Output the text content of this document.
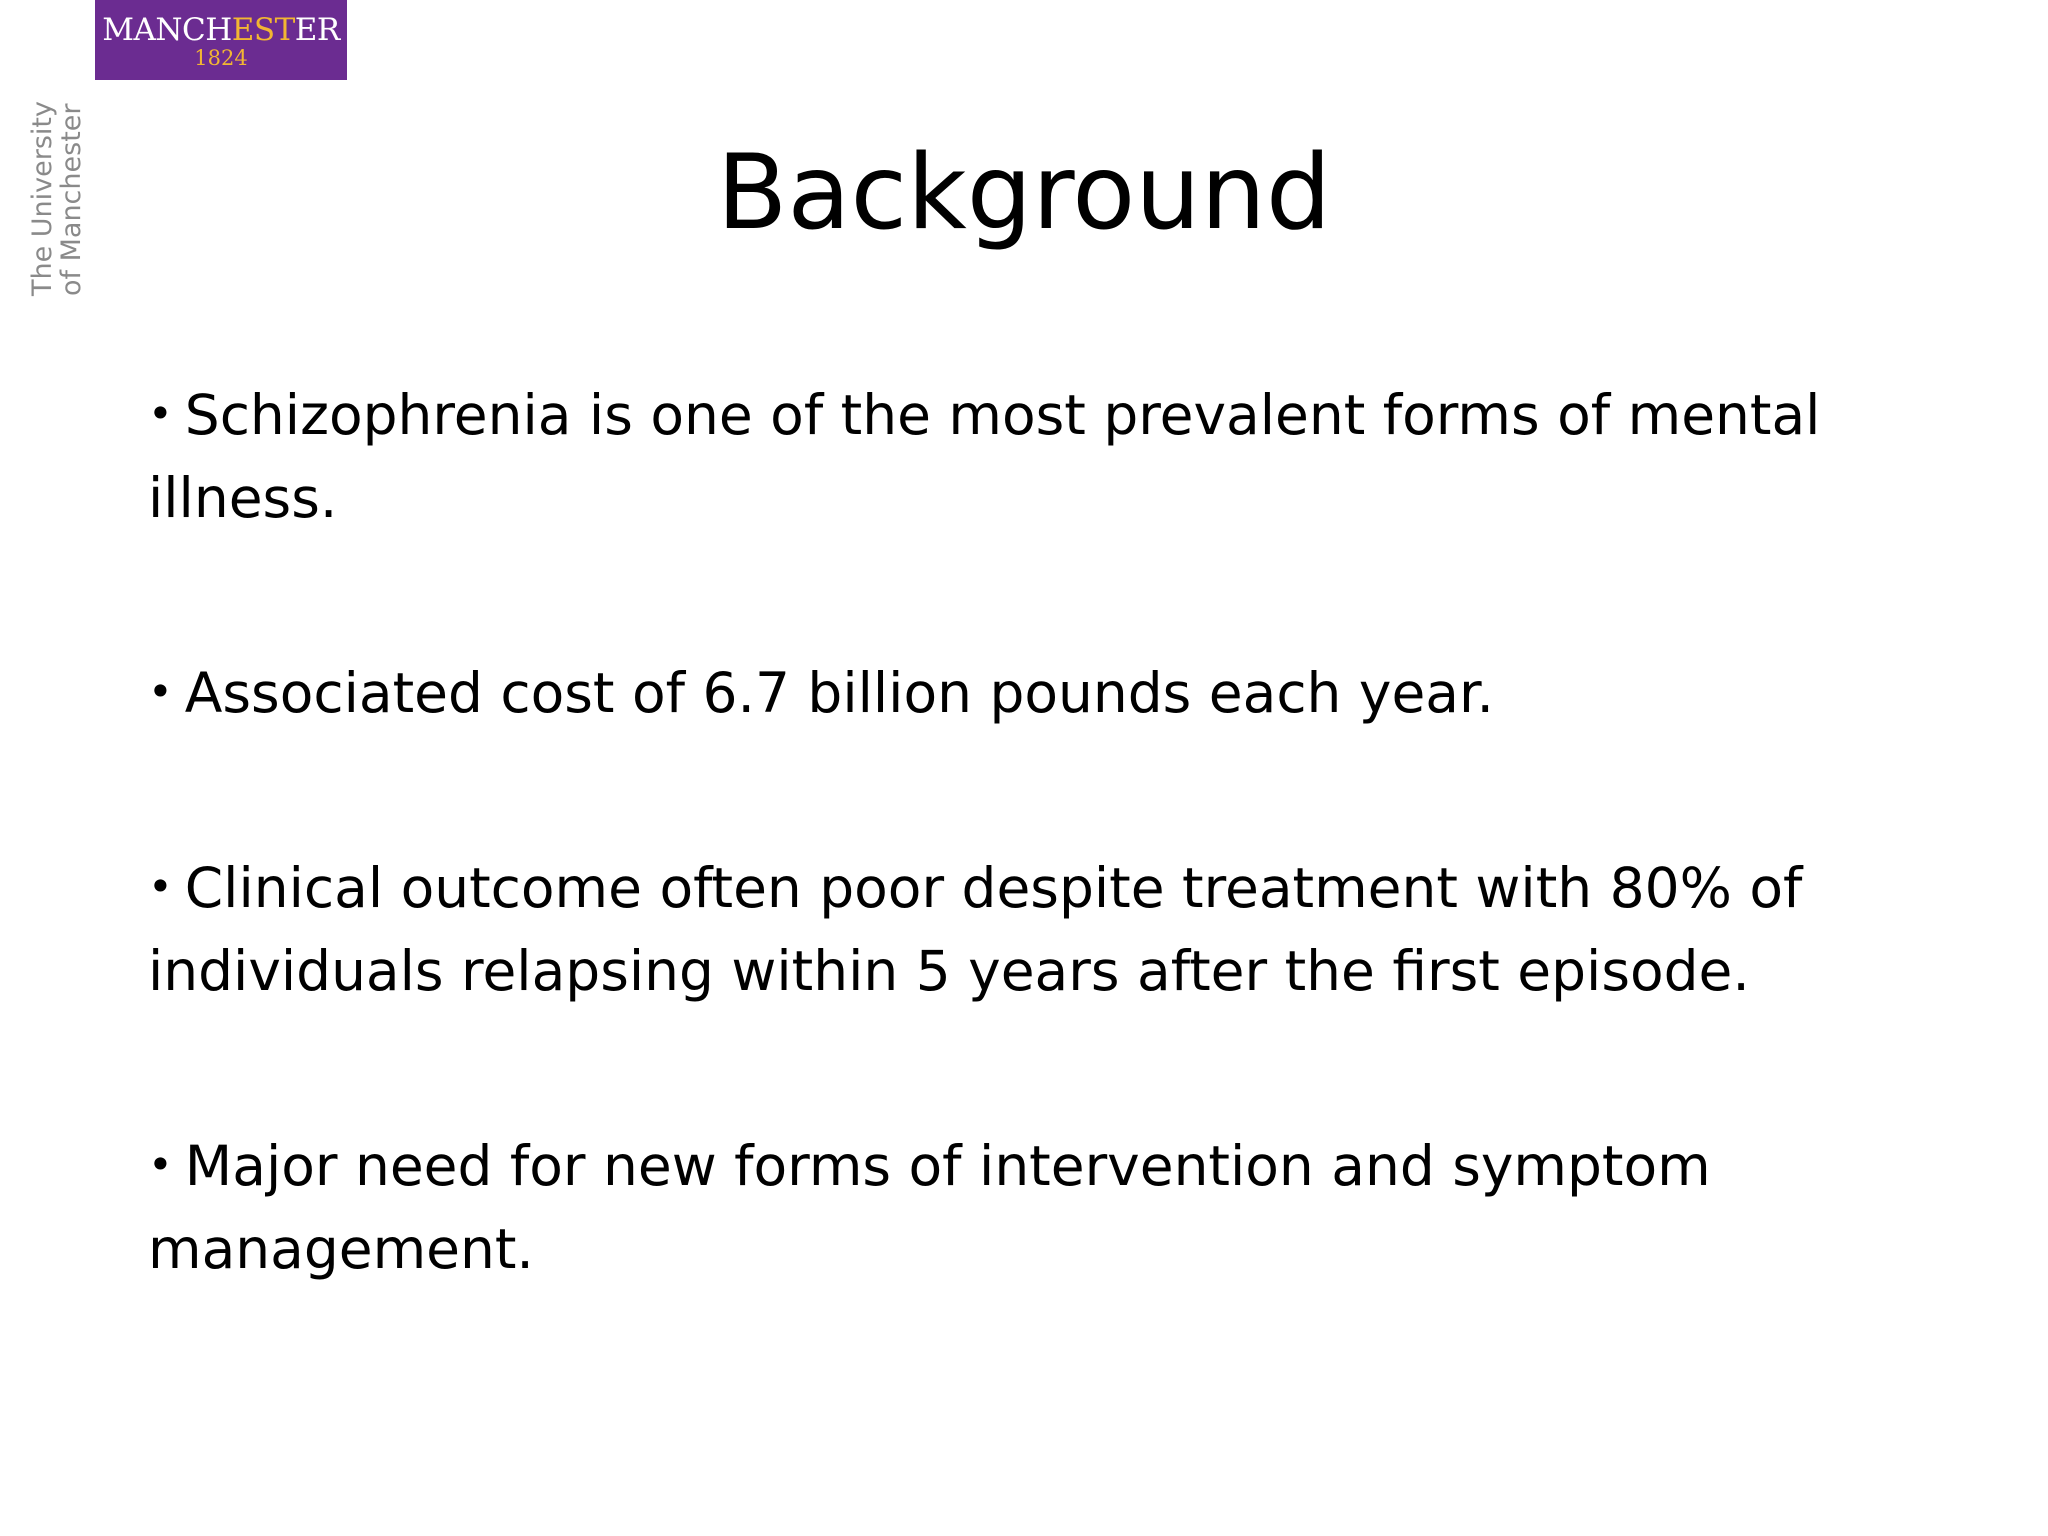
MANCHESTER
1824
The University
of Manchester	Background
• Schizophrenia is one of the most prevalent forms of mental illness.
• Associated cost of 6.7 billion pounds each year.
• Clinical outcome often poor despite treatment with 80% of individuals relapsing within 5 years after the first episode.
• Major need for new forms of intervention and symptom management.
